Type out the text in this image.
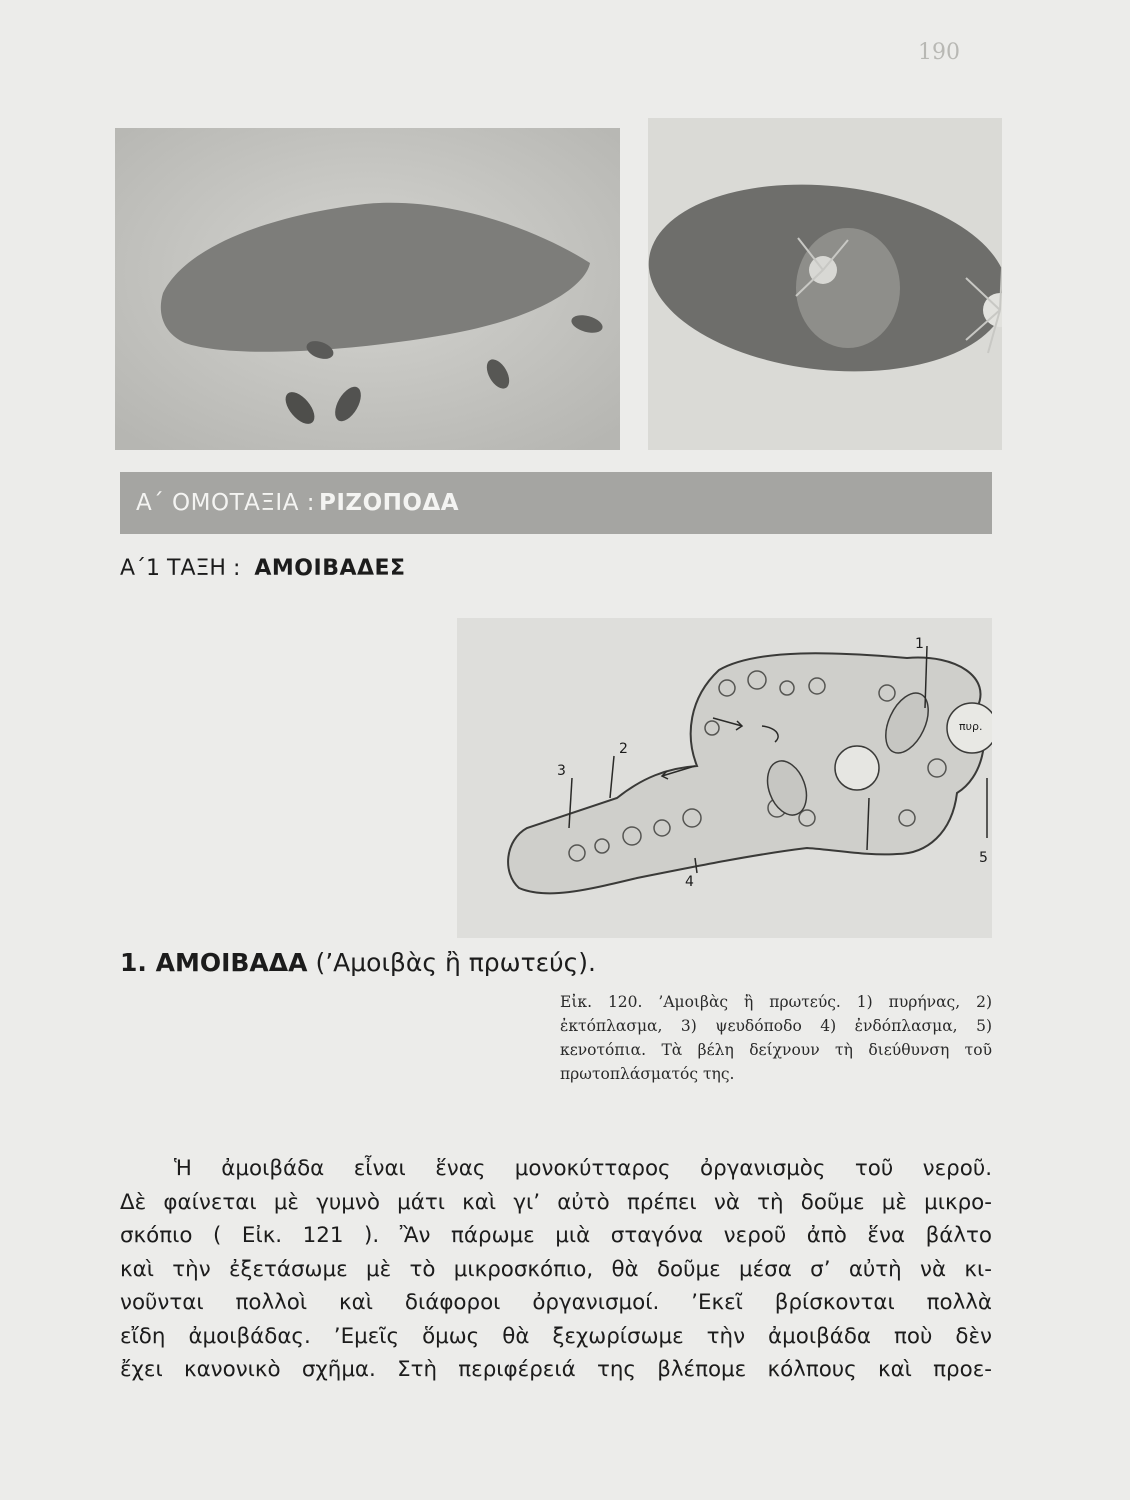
190
Α΄ ΟΜΟΤΑΞΙΑ : ΡΙΖΟΠΟΔΑ
Α΄1 ΤΑΞΗ : ΑΜΟΙΒΑΔΕΣ
1
2
3
4
5
πυρ.
1. ΑΜΟΙΒΑΔΑ (’Αμοιβὰς ἢ πρωτεύς).
Εἰκ. 120. ’Αμοιβὰς ἢ πρωτεύς. 1) πυρήνας, 2) ἐκτόπλασμα, 3) ψευδόποδο 4) ἐνδόπλασμα, 5) κενοτόπια. Τὰ βέλη δείχνουν τὴ διεύθυνση τοῦ πρωτοπλάσματός της.
Ἡ ἀμοιβάδα εἶναι ἕνας μονοκύτταρος ὀργανισμὸς τοῦ νεροῦ.
Δὲ φαίνεται μὲ γυμνὸ μάτι καὶ γι’ αὐτὸ πρέπει νὰ τὴ δοῦμε μὲ μικρο-
σκόπιο ( Εἰκ. 121 ). Ἂν πάρωμε μιὰ σταγόνα νεροῦ ἀπὸ ἕνα βάλτο
καὶ τὴν ἐξετάσωμε μὲ τὸ μικροσκόπιο, θὰ δοῦμε μέσα σ’ αὐτὴ νὰ κι-
νοῦνται πολλοὶ καὶ διάφοροι ὀργανισμοί. ’Εκεῖ βρίσκονται πολλὰ
εἴδη ἀμοιβάδας. ’Εμεῖς ὅμως θὰ ξεχωρίσωμε τὴν ἀμοιβάδα ποὺ δὲν
ἔχει κανονικὸ σχῆμα. Στὴ περιφέρειά της βλέπομε κόλπους καὶ προε-
